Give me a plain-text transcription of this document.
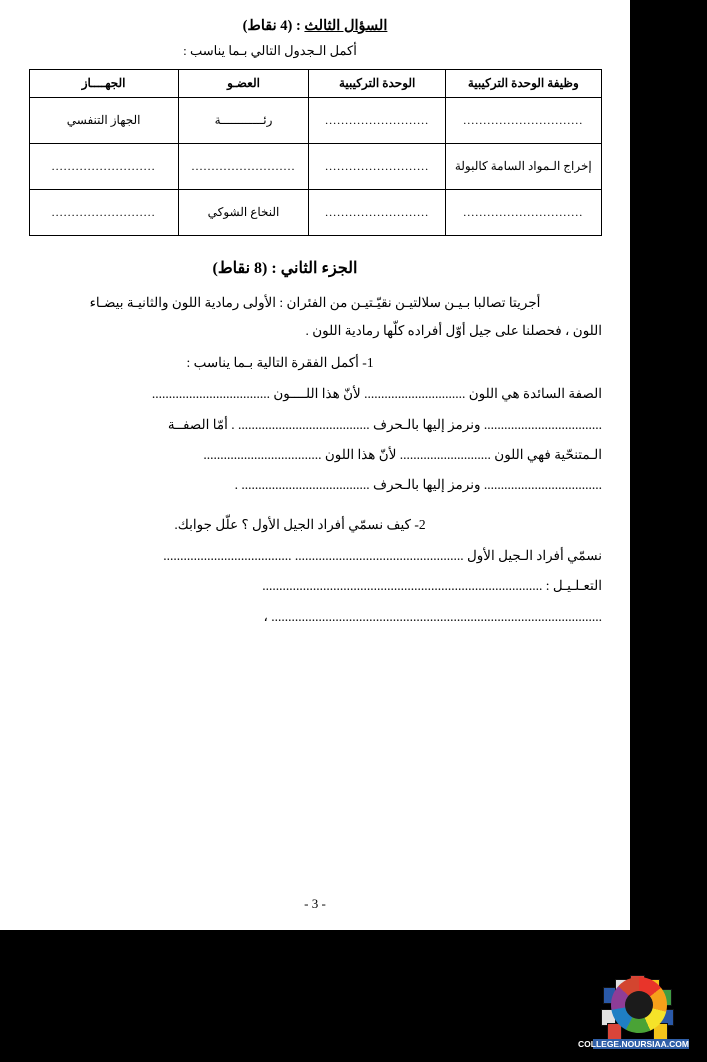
السؤال الثالث : (4 نقاط)
أكمل الـجدول التالي بـما يناسب :
وظيفة الوحدة التركيبية	الوحدة التركيبية	العضـو	الجهــــاز
..............................	..........................	رئــــــــــــة	الجهاز التنفسي
إخراج الـمواد السامة كالبولة	..........................	..........................	..........................
..............................	..........................	النخاع الشوكي	..........................
الجزء الثاني : (8 نقاط)
أجريتا تصالبا بـيـن سلالتيـن نقيّـتيـن من الفئران : الأولى رمادية اللون والثانيـة بيضـاء
اللون ، فحصلنا على جيل أوّل أفراده كلّها رمادية اللون .
1- أكمل الفقرة التالية بـما يناسب :
الصفة السائدة هي اللون .............................. لأنّ هذا اللــــون ...................................
................................... ونرمز إليها بالـحرف ....................................... . أمّا الصفــة
الـمتنحّية فهي اللون ........................... لأنّ هذا اللون ...................................
................................... ونرمز إليها بالـحرف ...................................... .
2- كيف نسمّي أفراد الجيل الأول ؟ علّل جوابك.
نسمّي أفراد الـجيل الأول .................................................. ......................................
التعـلـيـل : ...................................................................................
.................................................................................................. ،
- 3 -
COLLEGE.NOURSIAA.COM
